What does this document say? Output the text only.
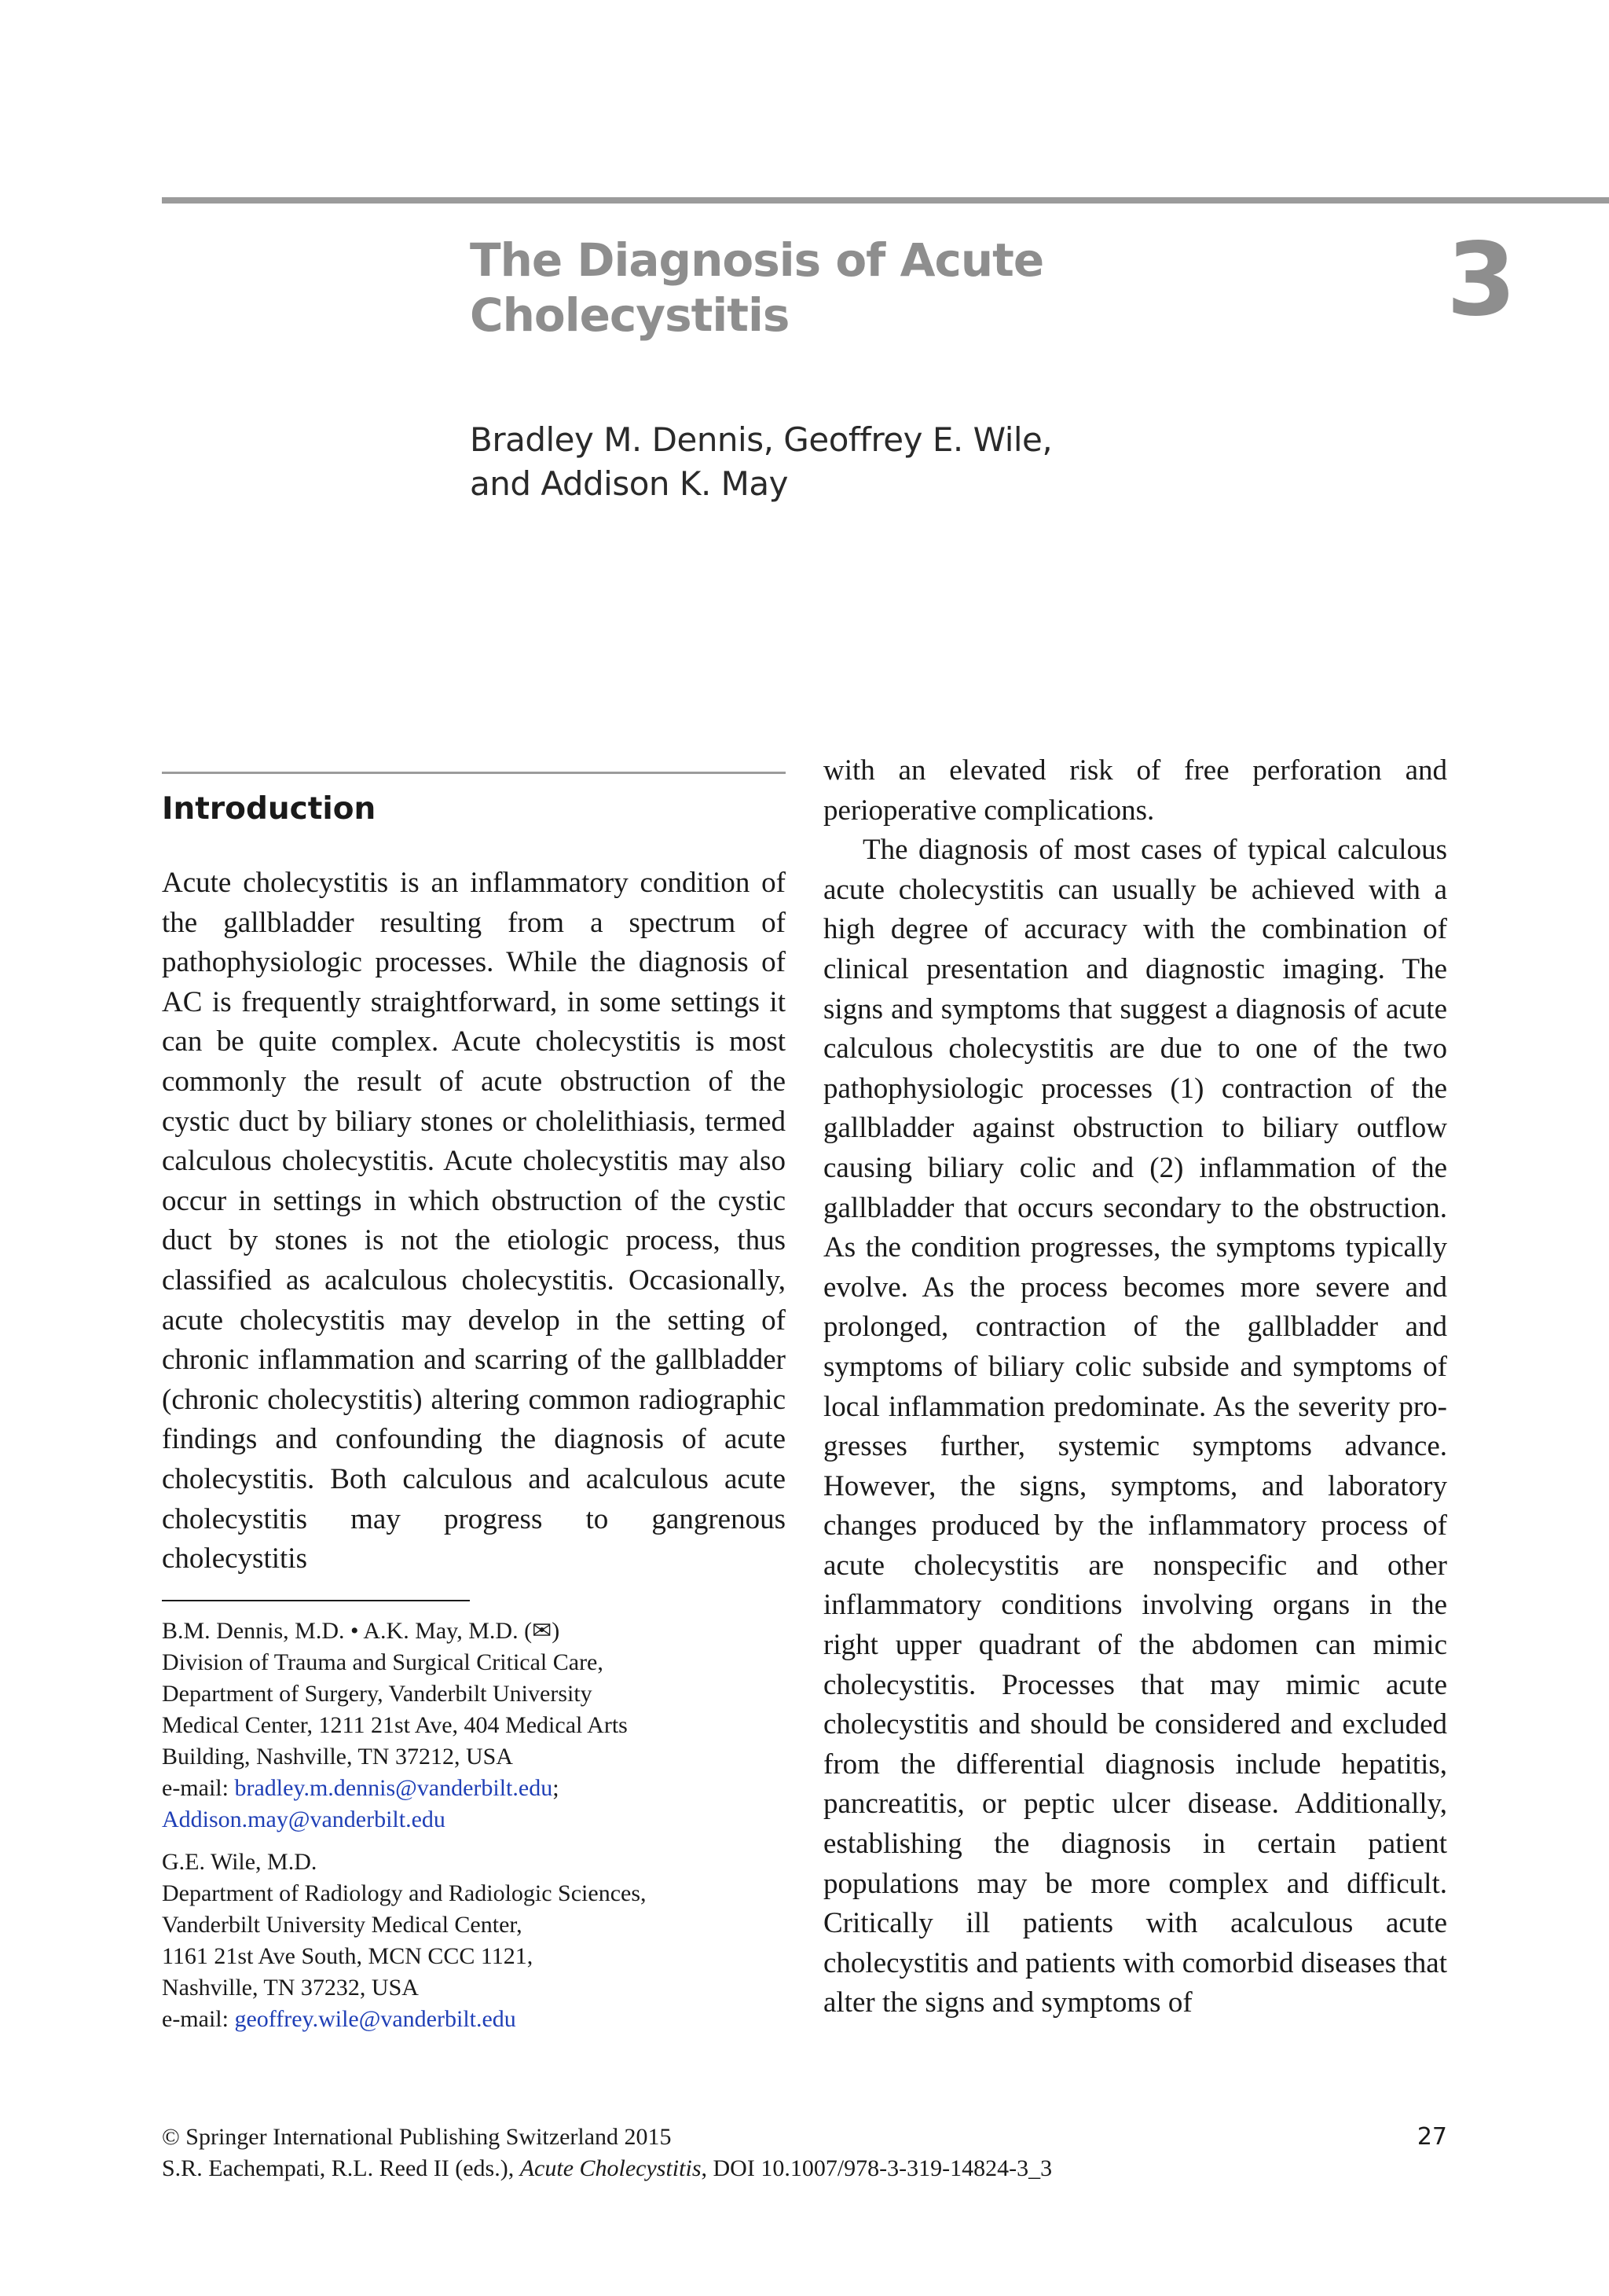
The Diagnosis of Acute
Cholecystitis	3
Bradley M. Dennis, Geoffrey E. Wile,
and Addison K. May
Introduction

Acute cholecystitis is an inflammatory condition of the gallbladder resulting from a spectrum of pathophysiologic processes. While the diagnosis of AC is frequently straightforward, in some settings it can be quite complex. Acute cholecystitis is most commonly the result of acute obstruction of the cystic duct by biliary stones or cholelithiasis, termed calculous cholecystitis. Acute cholecystitis may also occur in settings in which obstruction of the cystic duct by stones is not the etiologic process, thus classified as acalculous cholecystitis. Occasionally, acute cholecystitis may develop in the setting of chronic inflammation and scarring of the gallbladder (chronic cholecystitis) altering common radiographic findings and confounding the diagnosis of acute cholecystitis. Both calculous and acalculous acute cholecystitis may progress to gangrenous cholecystitis

B.M. Dennis, M.D. • A.K. May, M.D. (✉)
Division of Trauma and Surgical Critical Care,
Department of Surgery, Vanderbilt University
Medical Center, 1211 21st Ave, 404 Medical Arts
Building, Nashville, TN 37212, USA
e-mail: bradley.m.dennis@vanderbilt.edu;
Addison.may@vanderbilt.edu
G.E. Wile, M.D.
Department of Radiology and Radiologic Sciences,
Vanderbilt University Medical Center,
1161 21st Ave South, MCN CCC 1121,
Nashville, TN 37232, USA
e-mail: geoffrey.wile@vanderbilt.edu

with an elevated risk of free perforation and perioperative complications.

The diagnosis of most cases of typical calculous acute cholecystitis can usually be achieved with a high degree of accuracy with the combination of clinical presentation and diagnostic imaging. The signs and symptoms that suggest a diagnosis of acute calculous cholecystitis are due to one of the two pathophysiologic processes (1) contraction of the gallbladder against obstruction to biliary outflow causing biliary colic and (2) inflammation of the gallbladder that occurs secondary to the obstruction. As the condition progresses, the symptoms typically evolve. As the process becomes more severe and prolonged, contraction of the gallbladder and symptoms of biliary colic subside and symptoms of local inflammation predominate. As the severity progresses further, systemic symptoms advance. However, the signs, symptoms, and laboratory changes produced by the inflammatory process of acute cholecystitis are nonspecific and other inflammatory conditions involving organs in the right upper quadrant of the abdomen can mimic cholecystitis. Processes that may mimic acute cholecystitis and should be considered and excluded from the differential diagnosis include hepatitis, pancreatitis, or peptic ulcer disease. Additionally, establishing the diagnosis in certain patient populations may be more complex and difficult. Critically ill patients with acalculous acute cholecystitis and patients with comorbid diseases that alter the signs and symptoms of

© Springer International Publishing Switzerland 2015
S.R. Eachempati, R.L. Reed II (eds.), Acute Cholecystitis, DOI 10.1007/978-3-319-14824-3_3
27
